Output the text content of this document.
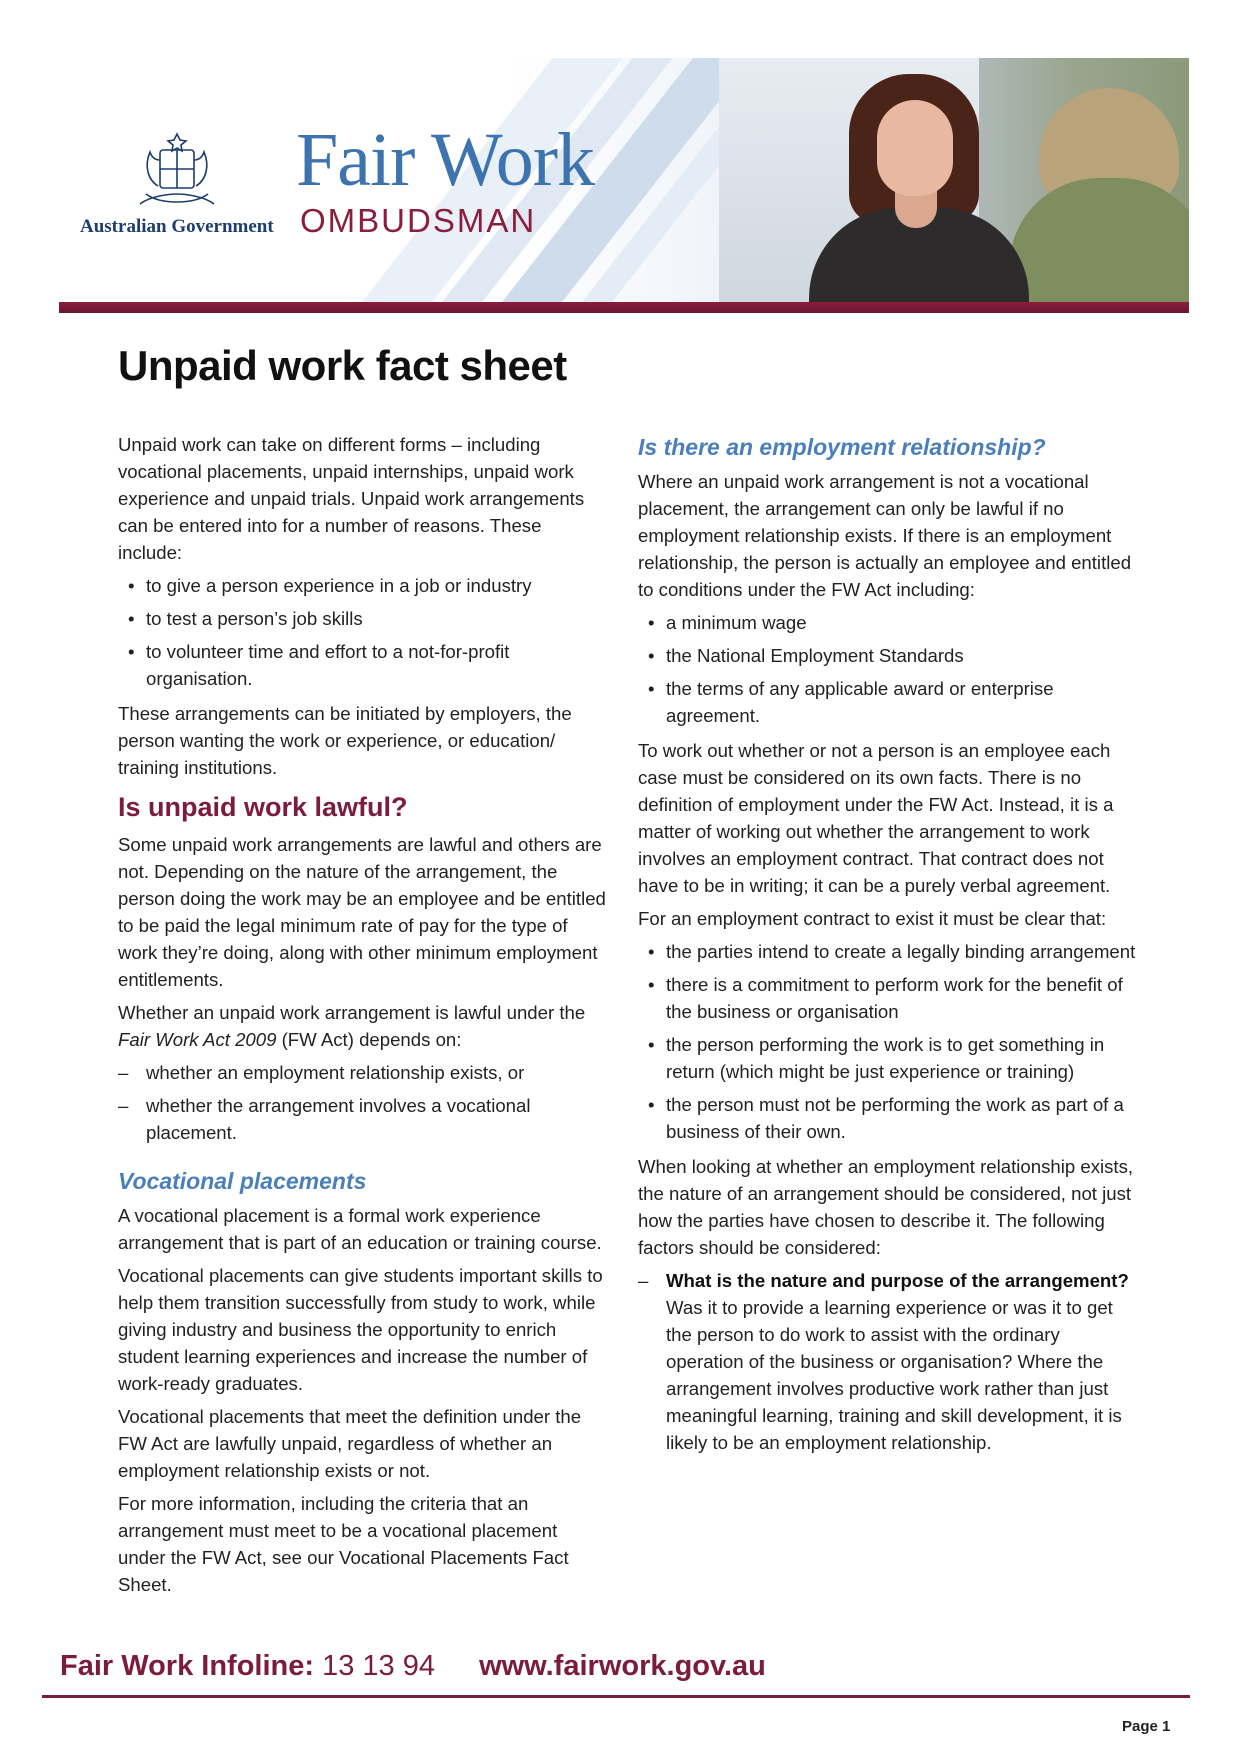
Australian Government
Fair Work
OMBUDSMAN
Unpaid work fact sheet

Unpaid work can take on different forms – including vocational placements, unpaid internships, unpaid work experience and unpaid trials. Unpaid work arrangements can be entered into for a number of reasons. These include:

• to give a person experience in a job or industry
• to test a person’s job skills
• to volunteer time and effort to a not-for-profit organisation.

These arrangements can be initiated by employers, the person wanting the work or experience, or education/ training institutions.

Is unpaid work lawful?

Some unpaid work arrangements are lawful and others are not. Depending on the nature of the arrangement, the person doing the work may be an employee and be entitled to be paid the legal minimum rate of pay for the type of work they’re doing, along with other minimum employment entitlements.

Whether an unpaid work arrangement is lawful under the Fair Work Act 2009 (FW Act) depends on:

– whether an employment relationship exists, or
– whether the arrangement involves a vocational placement.
Vocational placements

A vocational placement is a formal work experience arrangement that is part of an education or training course.

Vocational placements can give students important skills to help them transition successfully from study to work, while giving industry and business the opportunity to enrich student learning experiences and increase the number of work-ready graduates.

Vocational placements that meet the definition under the FW Act are lawfully unpaid, regardless of whether an employment relationship exists or not.

For more information, including the criteria that an arrangement must meet to be a vocational placement under the FW Act, see our Vocational Placements Fact Sheet.

Is there an employment relationship?

Where an unpaid work arrangement is not a vocational placement, the arrangement can only be lawful if no employment relationship exists. If there is an employment relationship, the person is actually an employee and entitled to conditions under the FW Act including:

• a minimum wage
• the National Employment Standards
• the terms of any applicable award or enterprise agreement.

To work out whether or not a person is an employee each case must be considered on its own facts. There is no definition of employment under the FW Act. Instead, it is a matter of working out whether the arrangement to work involves an employment contract. That contract does not have to be in writing; it can be a purely verbal agreement.

For an employment contract to exist it must be clear that:

• the parties intend to create a legally binding arrangement
• there is a commitment to perform work for the benefit of the business or organisation
• the person performing the work is to get something in return (which might be just experience or training)
• the person must not be performing the work as part of a business of their own.

When looking at whether an employment relationship exists, the nature of an arrangement should be considered, not just how the parties have chosen to describe it. The following factors should be considered:

– What is the nature and purpose of the arrangement? Was it to provide a learning experience or was it to get the person to do work to assist with the ordinary operation of the business or organisation? Where the arrangement involves productive work rather than just meaningful learning, training and skill development, it is likely to be an employment relationship.
Fair Work Infoline: 13 13 94 www.fairwork.gov.au
Page 1
